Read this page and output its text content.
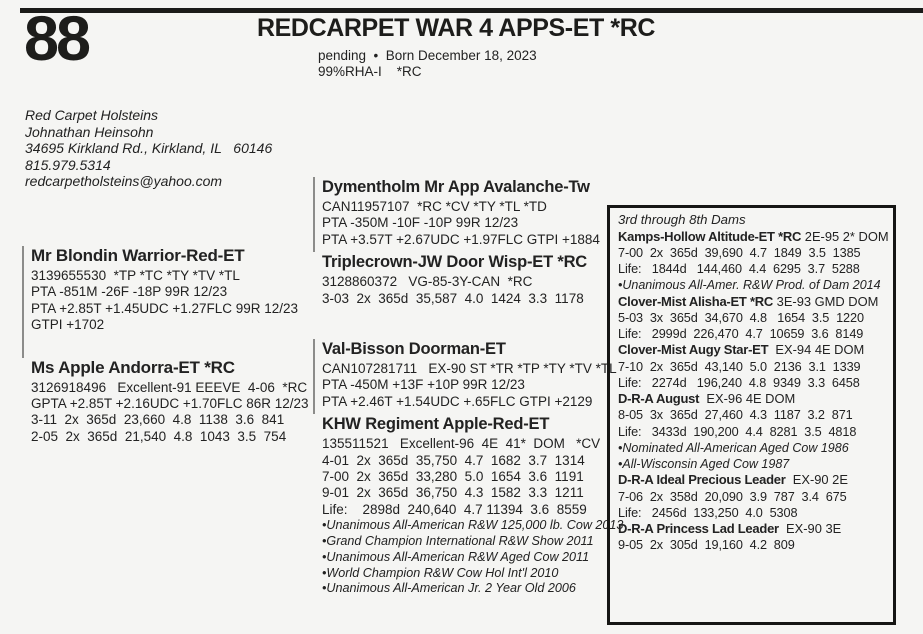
88	REDCARPET WAR 4 APPS-ET *RC
pending  •  Born December 18, 2023
99%RHA-I    *RC
Red Carpet Holsteins
Johnathan Heinsohn
34695 Kirkland Rd., Kirkland, IL   60146
815.979.5314
redcarpetholsteins@yahoo.com
Mr Blondin Warrior-Red-ET
3139655530  *TP *TC *TY *TV *TL
PTA -851M -26F -18P 99R 12/23
PTA +2.85T +1.45UDC +1.27FLC 99R 12/23
GTPI +1702
Ms Apple Andorra-ET *RC
3126918496   Excellent-91 EEEVE  4-06  *RC
GPTA +2.85T +2.16UDC +1.70FLC 86R 12/23
3-11  2x  365d  23,660  4.8  1138  3.6  841
2-05  2x  365d  21,540  4.8  1043  3.5  754
Dymentholm Mr App Avalanche-Tw
CAN11957107  *RC *CV *TY *TL *TD
PTA -350M -10F -10P 99R 12/23
PTA +3.57T +2.67UDC +1.97FLC GTPI +1884
Triplecrown-JW Door Wisp-ET *RC
3128860372   VG-85-3Y-CAN  *RC
3-03  2x  365d  35,587  4.0  1424  3.3  1178
Val-Bisson Doorman-ET
CAN107281711   EX-90 ST *TR *TP *TY *TV *TL
PTA -450M +13F +10P 99R 12/23
PTA +2.46T +1.54UDC +.65FLC GTPI +2129
KHW Regiment Apple-Red-ET
135511521   Excellent-96  4E  41*  DOM   *CV
4-01  2x  365d  35,750  4.7  1682  3.7  1314
7-00  2x  365d  33,280  5.0  1654  3.6  1191
9-01  2x  365d  36,750  4.3  1582  3.3  1211
Life:    2898d  240,640  4.7 11394  3.6  8559
•Unanimous All-American R&W 125,000 lb. Cow 2013
•Grand Champion International R&W Show 2011
•Unanimous All-American R&W Aged Cow 2011
•World Champion R&W Cow Hol Int'l 2010
•Unanimous All-American Jr. 2 Year Old 2006
3rd through 8th Dams
Kamps-Hollow Altitude-ET *RC 2E-95 2* DOM
7-00  2x  365d  39,690  4.7  1849  3.5  1385
Life:   1844d   144,460  4.4  6295  3.7  5288
•Unanimous All-Amer. R&W Prod. of Dam 2014
Clover-Mist Alisha-ET *RC 3E-93 GMD DOM
5-03  3x  365d  34,670  4.8   1654  3.5  1220
Life:   2999d  226,470  4.7  10659  3.6  8149
Clover-Mist Augy Star-ET  EX-94 4E DOM
7-10  2x  365d  43,140  5.0  2136  3.1  1339
Life:   2274d   196,240  4.8  9349  3.3  6458
D-R-A August  EX-96 4E DOM
8-05  3x  365d  27,460  4.3  1187  3.2  871
Life:   3433d  190,200  4.4  8281  3.5  4818
•Nominated All-American Aged Cow 1986
•All-Wisconsin Aged Cow 1987
D-R-A Ideal Precious Leader  EX-90 2E
7-06  2x  358d  20,090  3.9  787  3.4  675
Life:   2456d  133,250  4.0  5308
D-R-A Princess Lad Leader  EX-90 3E
9-05  2x  305d  19,160  4.2  809
